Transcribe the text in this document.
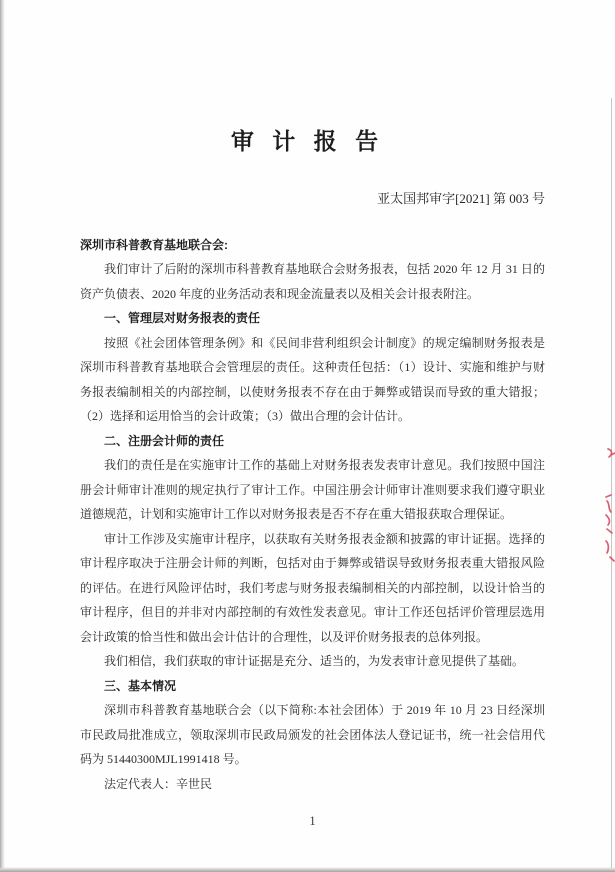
审 计 报 告
亚太国邦审字[2021] 第 003 号

深圳市科普教育基地联合会:

我们审计了后附的深圳市科普教育基地联合会财务报表，包括 2020 年 12 月 31 日的资产负债表、2020 年度的业务活动表和现金流量表以及相关会计报表附注。

一、管理层对财务报表的责任

按照《社会团体管理条例》和《民间非营利组织会计制度》的规定编制财务报表是深圳市科普教育基地联合会管理层的责任。这种责任包括：（1）设计、实施和维护与财务报表编制相关的内部控制，以使财务报表不存在由于舞弊或错误而导致的重大错报；（2）选择和运用恰当的会计政策；（3）做出合理的会计估计。

二、注册会计师的责任

我们的责任是在实施审计工作的基础上对财务报表发表审计意见。我们按照中国注册会计师审计准则的规定执行了审计工作。中国注册会计师审计准则要求我们遵守职业道德规范，计划和实施审计工作以对财务报表是否不存在重大错报获取合理保证。

审计工作涉及实施审计程序，以获取有关财务报表金额和披露的审计证据。选择的审计程序取决于注册会计师的判断，包括对由于舞弊或错误导致财务报表重大错报风险的评估。在进行风险评估时，我们考虑与财务报表编制相关的内部控制，以设计恰当的审计程序，但目的并非对内部控制的有效性发表意见。审计工作还包括评价管理层选用会计政策的恰当性和做出会计估计的合理性，以及评价财务报表的总体列报。

我们相信，我们获取的审计证据是充分、适当的，为发表审计意见提供了基础。

三、基本情况

深圳市科普教育基地联合会（以下简称:本社会团体）于 2019 年 10 月 23 日经深圳市民政局批准成立，领取深圳市民政局颁发的社会团体法人登记证书，统一社会信用代码为 51440300MJL1991418 号。

法定代表人：辛世民

1
